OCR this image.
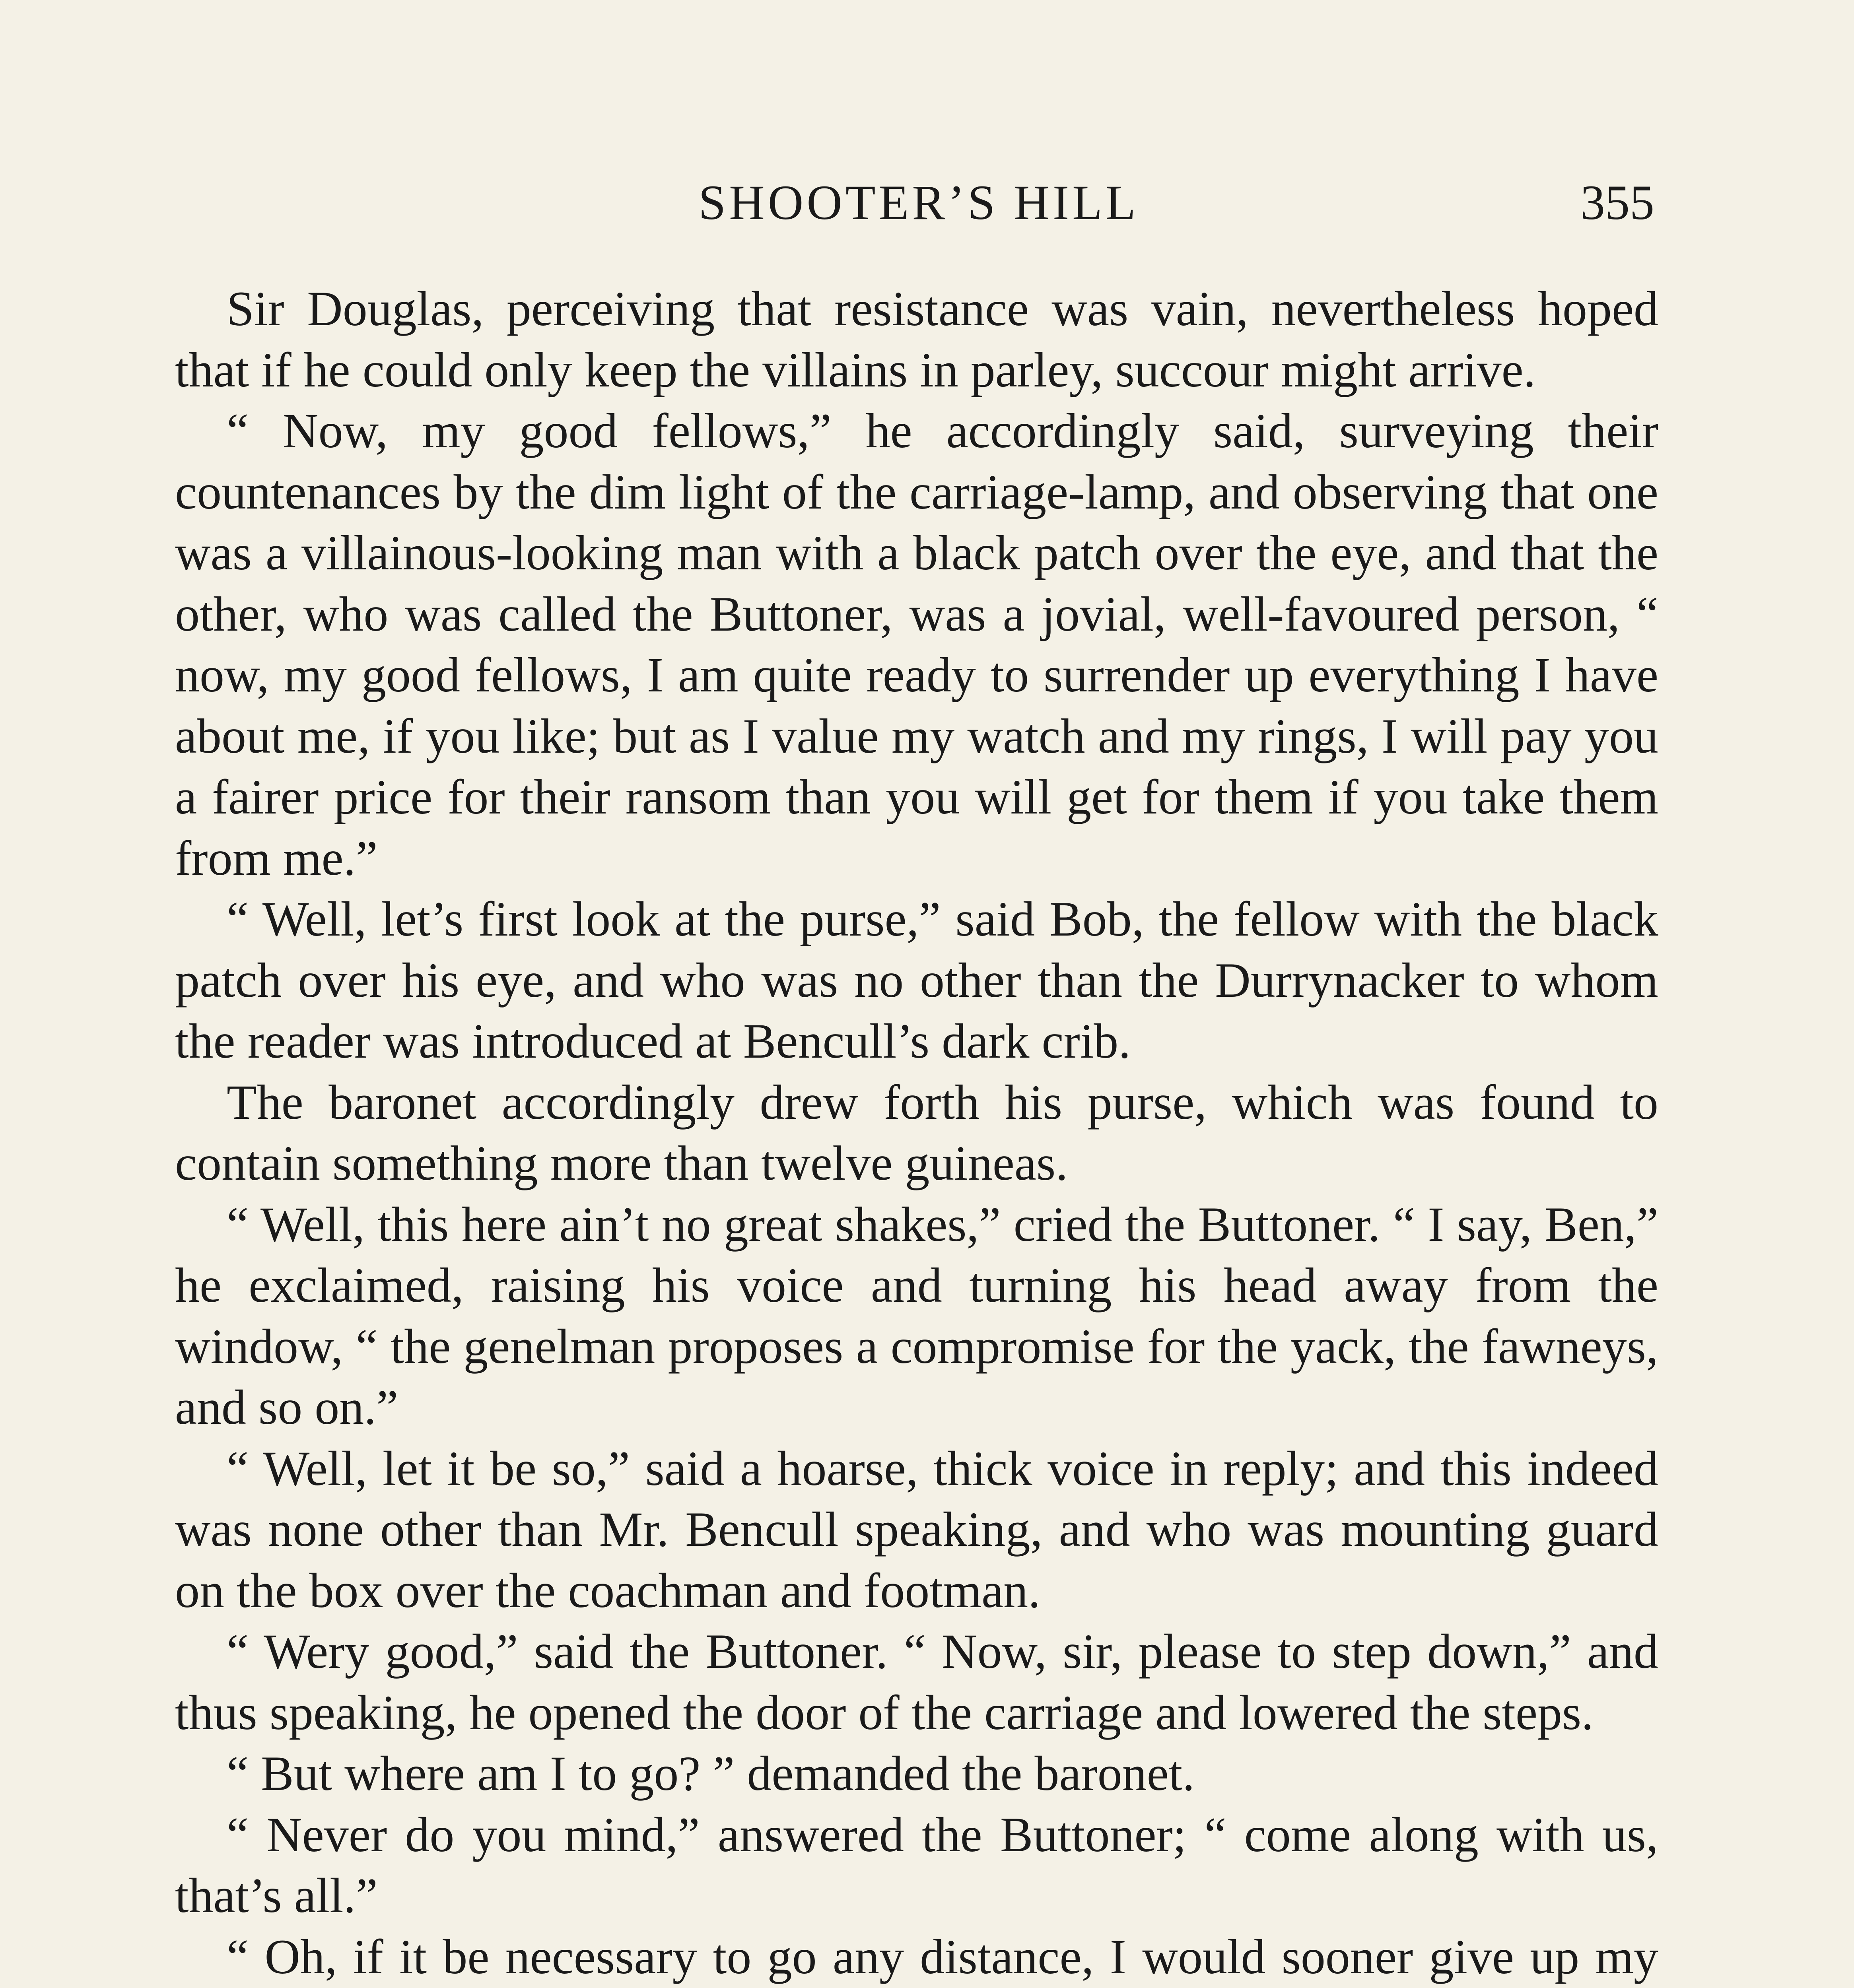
SHOOTER’S HILL	355

Sir Douglas, perceiving that resistance was vain, nevertheless hoped that if he could only keep the villains in parley, succour might arrive.

“ Now, my good fellows,” he accordingly said, surveying their countenances by the dim light of the carriage-lamp, and observing that one was a villainous-looking man with a black patch over the eye, and that the other, who was called the Buttoner, was a jovial, well-favoured person, “ now, my good fellows, I am quite ready to surrender up everything I have about me, if you like; but as I value my watch and my rings, I will pay you a fairer price for their ransom than you will get for them if you take them from me.”

“ Well, let’s first look at the purse,” said Bob, the fellow with the black patch over his eye, and who was no other than the Durrynacker to whom the reader was introduced at Bencull’s dark crib.

The baronet accordingly drew forth his purse, which was found to contain something more than twelve guineas.

“ Well, this here ain’t no great shakes,” cried the Buttoner. “ I say, Ben,” he exclaimed, raising his voice and turning his head away from the window, “ the genelman proposes a compromise for the yack, the fawneys, and so on.”

“ Well, let it be so,” said a hoarse, thick voice in reply; and this indeed was none other than Mr. Bencull speaking, and who was mounting guard on the box over the coachman and footman.

“ Wery good,” said the Buttoner. “ Now, sir, please to step down,” and thus speaking, he opened the door of the carriage and lowered the steps.

“ But where am I to go? ” demanded the baronet.

“ Never do you mind,” answered the Buttoner; “ come along with us, that’s all.”

“ Oh, if it be necessary to go any distance, I would sooner give up my
